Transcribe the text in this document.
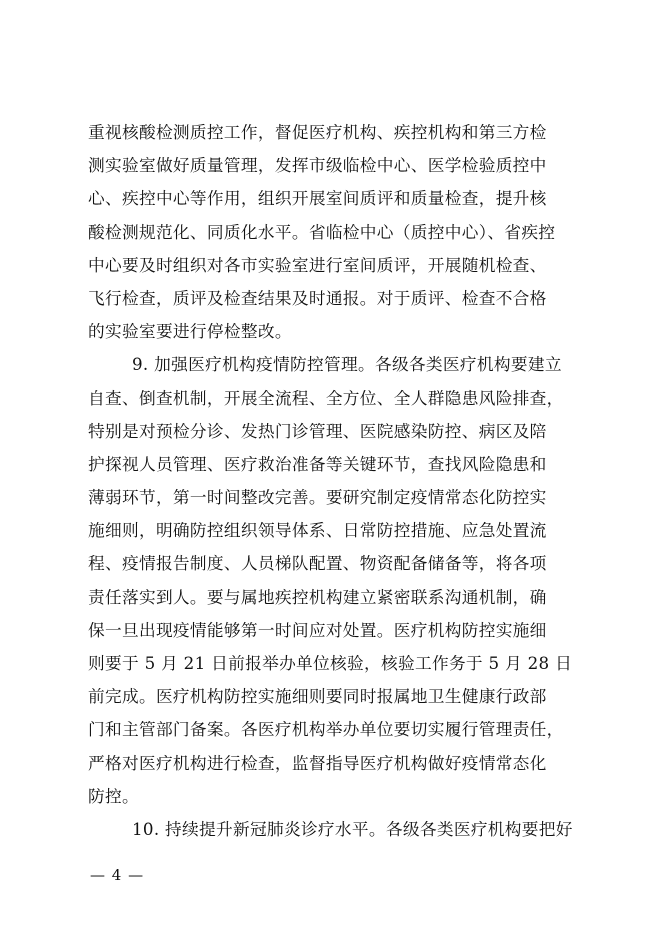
重视核酸检测质控工作，督促医疗机构、疾控机构和第三方检
测实验室做好质量管理，发挥市级临检中心、医学检验质控中
心、疾控中心等作用，组织开展室间质评和质量检查，提升核
酸检测规范化、同质化水平。省临检中心（质控中心）、省疾控
中心要及时组织对各市实验室进行室间质评，开展随机检查、
飞行检查，质评及检查结果及时通报。对于质评、检查不合格
的实验室要进行停检整改。
9. 加强医疗机构疫情防控管理。各级各类医疗机构要建立
自查、倒查机制，开展全流程、全方位、全人群隐患风险排查，
特别是对预检分诊、发热门诊管理、医院感染防控、病区及陪
护探视人员管理、医疗救治准备等关键环节，查找风险隐患和
薄弱环节，第一时间整改完善。要研究制定疫情常态化防控实
施细则，明确防控组织领导体系、日常防控措施、应急处置流
程、疫情报告制度、人员梯队配置、物资配备储备等，将各项
责任落实到人。要与属地疾控机构建立紧密联系沟通机制，确
保一旦出现疫情能够第一时间应对处置。医疗机构防控实施细
则要于 5 月 21 日前报举办单位核验，核验工作务于 5 月 28 日
前完成。医疗机构防控实施细则要同时报属地卫生健康行政部
门和主管部门备案。各医疗机构举办单位要切实履行管理责任，
严格对医疗机构进行检查，监督指导医疗机构做好疫情常态化
防控。
10. 持续提升新冠肺炎诊疗水平。各级各类医疗机构要把好
— 4 —
